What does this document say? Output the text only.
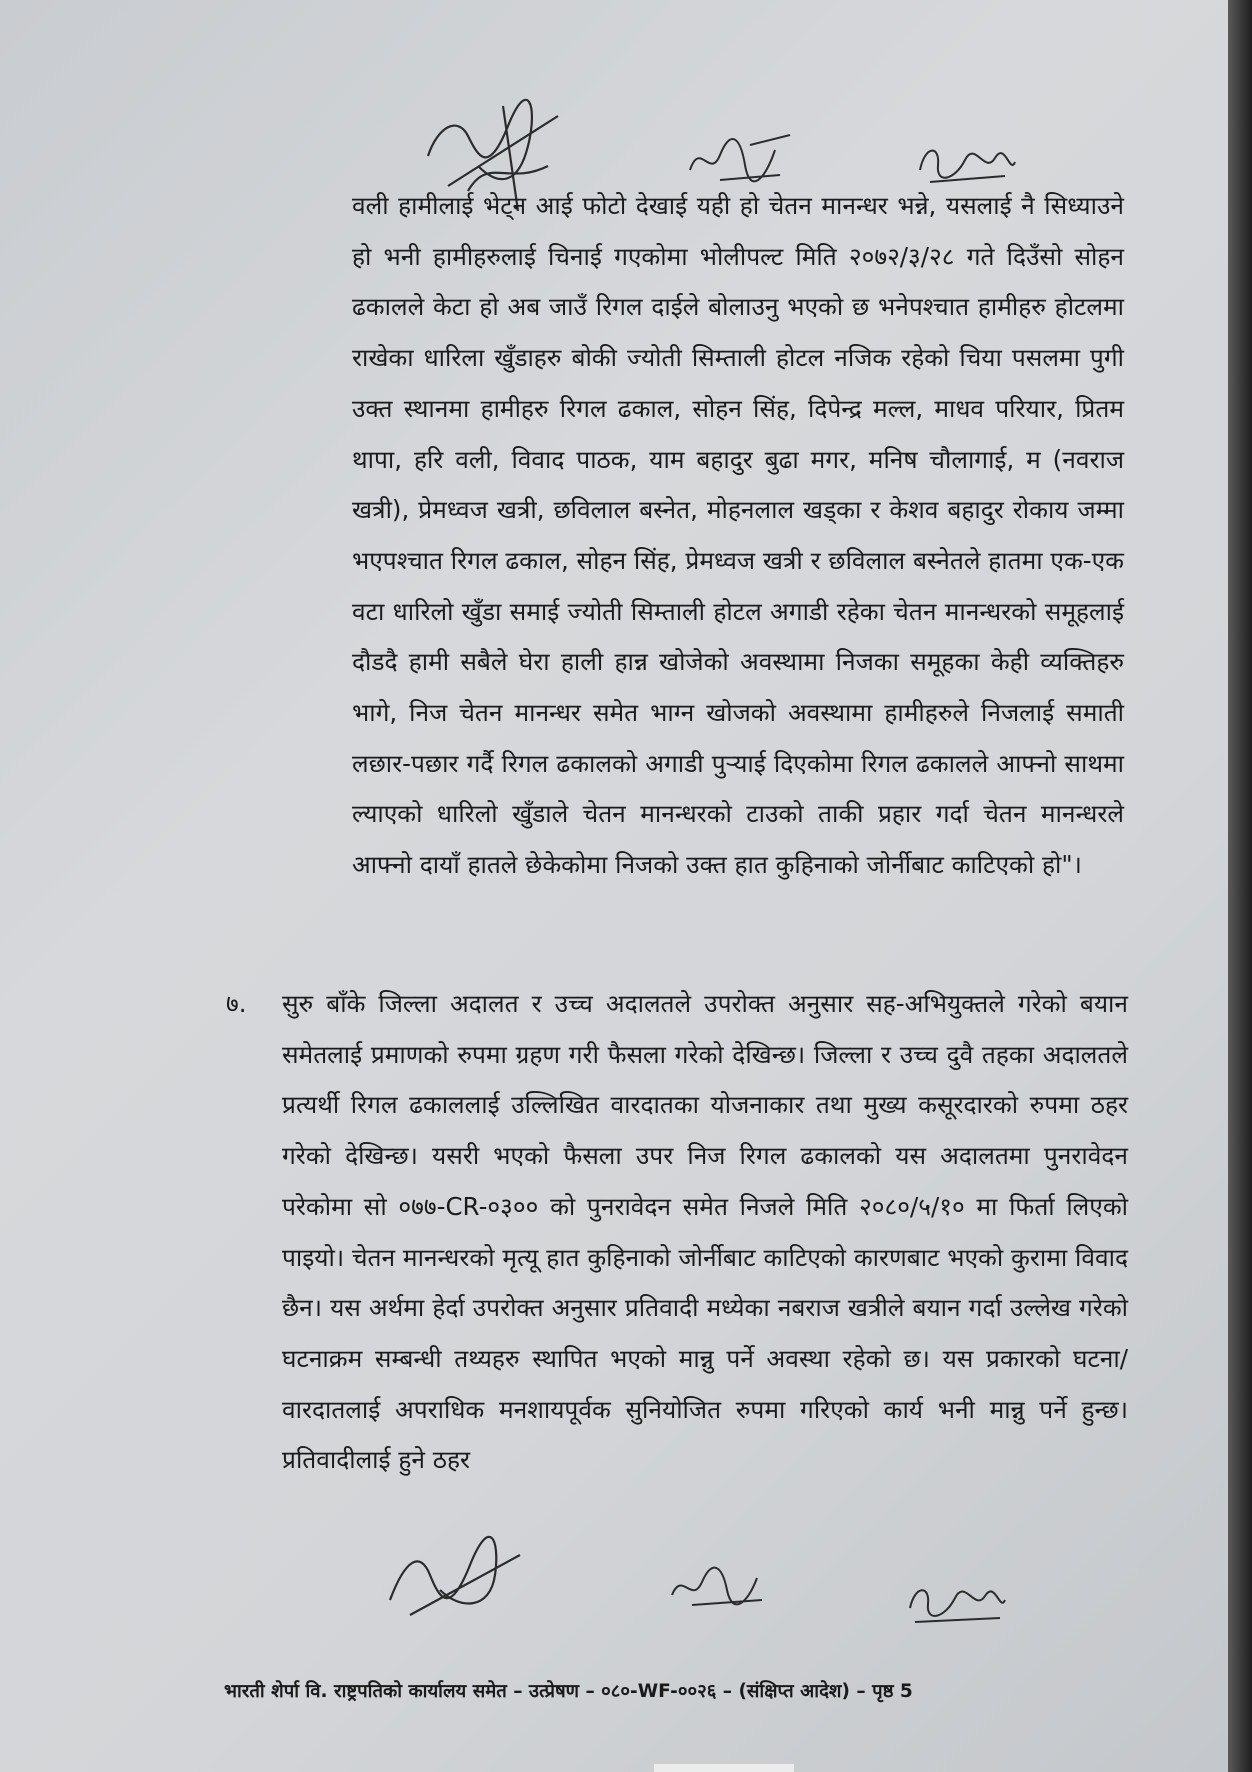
वली हामीलाई भेट्न आई फोटो देखाई यही हो चेतन मानन्धर भन्ने, यसलाई नै सिध्याउने हो भनी हामीहरुलाई चिनाई गएकोमा भोलीपल्ट मिति २०७२/३/२८ गते दिउँसो सोहन ढकालले केटा हो अब जाउँ रिगल दाईले बोलाउनु भएको छ भनेपश्चात हामीहरु होटलमा राखेका धारिला खुँडाहरु बोकी ज्योती सिम्ताली होटल नजिक रहेको चिया पसलमा पुगी उक्त स्थानमा हामीहरु रिगल ढकाल, सोहन सिंह, दिपेन्द्र मल्ल, माधव परियार, प्रितम थापा, हरि वली, विवाद पाठक, याम बहादुर बुढा मगर, मनिष चौलागाई, म (नवराज खत्री), प्रेमध्वज खत्री, छविलाल बस्नेत, मोहनलाल खड्का र केशव बहादुर रोकाय जम्मा भएपश्चात रिगल ढकाल, सोहन सिंह, प्रेमध्वज खत्री र छविलाल बस्नेतले हातमा एक-एक वटा धारिलो खुँडा समाई ज्योती सिम्ताली होटल अगाडी रहेका चेतन मानन्धरको समूहलाई दौडदै हामी सबैले घेरा हाली हान्न खोजेको अवस्थामा निजका समूहका केही व्यक्तिहरु भागे, निज चेतन मानन्धर समेत भाग्न खोजको अवस्थामा हामीहरुले निजलाई समाती लछार-पछार गर्दै रिगल ढकालको अगाडी पुर्‍याई दिएकोमा रिगल ढकालले आफ्नो साथमा ल्याएको धारिलो खुँडाले चेतन मानन्धरको टाउको ताकी प्रहार गर्दा चेतन मानन्धरले आफ्नो दायाँ हातले छेकेकोमा निजको उक्त हात कुहिनाको जोर्नीबाट काटिएको हो"।
७. सुरु बाँके जिल्ला अदालत र उच्च अदालतले उपरोक्त अनुसार सह-अभियुक्तले गरेको बयान समेतलाई प्रमाणको रुपमा ग्रहण गरी फैसला गरेको देखिन्छ। जिल्ला र उच्च दुवै तहका अदालतले प्रत्यर्थी रिगल ढकाललाई उल्लिखित वारदातका योजनाकार तथा मुख्य कसूरदारको रुपमा ठहर गरेको देखिन्छ। यसरी भएको फैसला उपर निज रिगल ढकालको यस अदालतमा पुनरावेदन परेकोमा सो ०७७-CR-०३०० को पुनरावेदन समेत निजले मिति २०८०/५/१० मा फिर्ता लिएको पाइयो। चेतन मानन्धरको मृत्यू हात कुहिनाको जोर्नीबाट काटिएको कारणबाट भएको कुरामा विवाद छैन। यस अर्थमा हेर्दा उपरोक्त अनुसार प्रतिवादी मध्येका नबराज खत्रीले बयान गर्दा उल्लेख गरेको घटनाक्रम सम्बन्धी तथ्यहरु स्थापित भएको मान्नु पर्ने अवस्था रहेको छ। यस प्रकारको घटना/वारदातलाई अपराधिक मनशायपूर्वक सुनियोजित रुपमा गरिएको कार्य भनी मान्नु पर्ने हुन्छ। प्रतिवादीलाई हुने ठहर
भारती शेर्पा वि. राष्ट्रपतिको कार्यालय समेत – उत्प्रेषण – ०८०-WF-००२६ – (संक्षिप्त आदेश) – पृष्ठ 5
